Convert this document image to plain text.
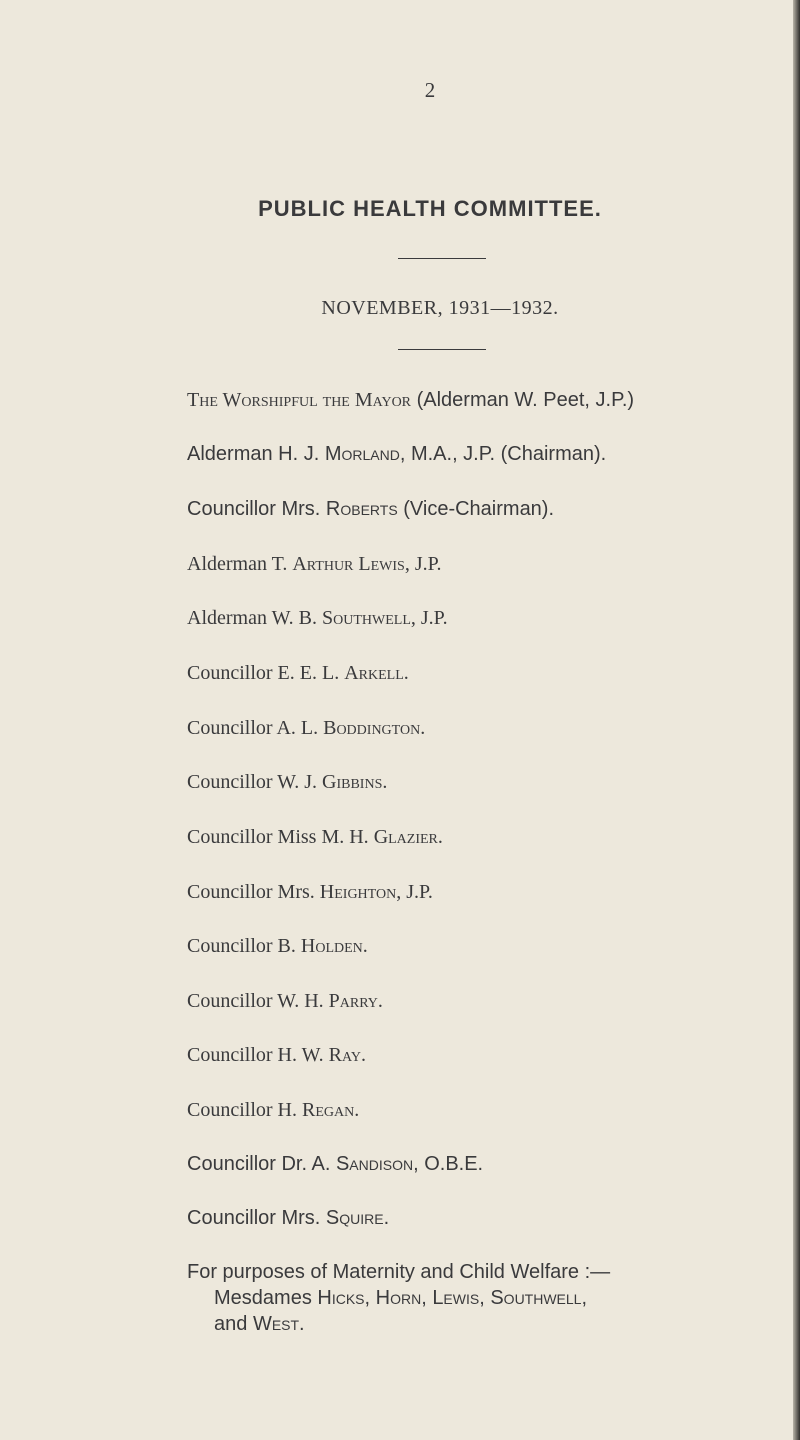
2
PUBLIC HEALTH COMMITTEE.
NOVEMBER, 1931—1932.
The Worshipful the Mayor (Alderman W. Peet, J.P.)
Alderman H. J. Morland, M.A., J.P. (Chairman).
Councillor Mrs. Roberts (Vice-Chairman).
Alderman T. Arthur Lewis, J.P.
Alderman W. B. Southwell, J.P.
Councillor E. E. L. Arkell.
Councillor A. L. Boddington.
Councillor W. J. Gibbins.
Councillor Miss M. H. Glazier.
Councillor Mrs. Heighton, J.P.
Councillor B. Holden.
Councillor W. H. Parry.
Councillor H. W. Ray.
Councillor H. Regan.
Councillor Dr. A. Sandison, O.B.E.
Councillor Mrs. Squire.
For purposes of Maternity and Child Welfare :—
Mesdames Hicks, Horn, Lewis, Southwell,
and West.
